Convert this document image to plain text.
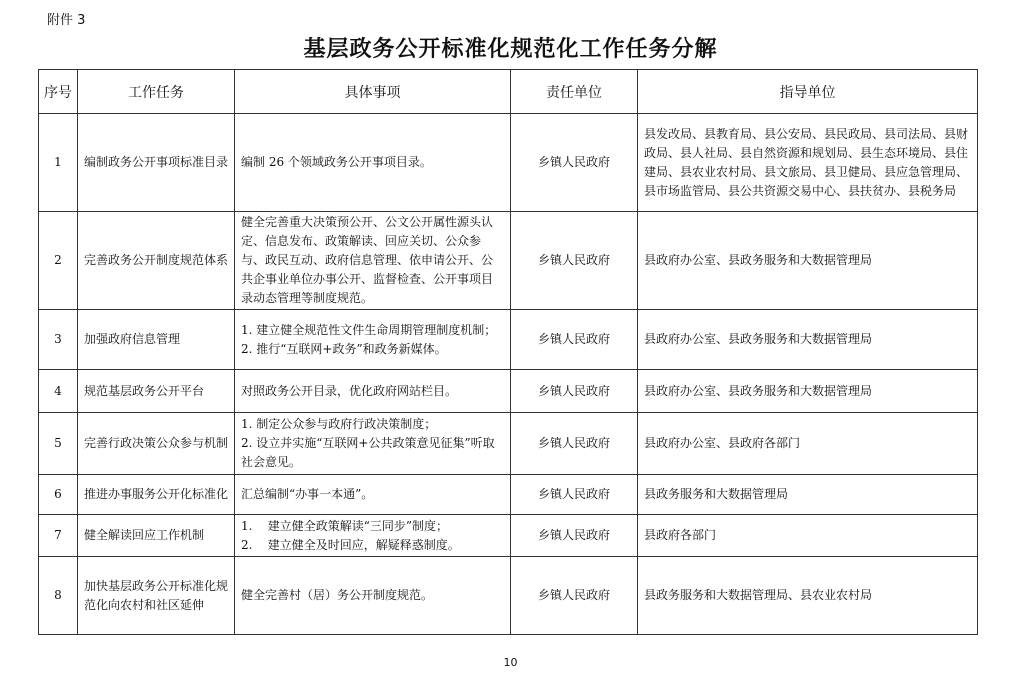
附件 3
基层政务公开标准化规范化工作任务分解
序号	工作任务	具体事项	责任单位	指导单位
1	编制政务公开事项标准目录	编制 26 个领域政务公开事项目录。	乡镇人民政府	县发改局、县教育局、县公安局、县民政局、县司法局、县财政局、县人社局、县自然资源和规划局、县生态环境局、县住建局、县农业农村局、县文旅局、县卫健局、县应急管理局、县市场监管局、县公共资源交易中心、县扶贫办、县税务局
2	完善政务公开制度规范体系	健全完善重大决策预公开、公文公开属性源头认定、信息发布、政策解读、回应关切、公众参与、政民互动、政府信息管理、依申请公开、公共企事业单位办事公开、监督检查、公开事项目录动态管理等制度规范。	乡镇人民政府	县政府办公室、县政务服务和大数据管理局
3	加强政府信息管理	1. 建立健全规范性文件生命周期管理制度机制；
2. 推行“互联网+政务”和政务新媒体。	乡镇人民政府	县政府办公室、县政务服务和大数据管理局
4	规范基层政务公开平台	对照政务公开目录，优化政府网站栏目。	乡镇人民政府	县政府办公室、县政务服务和大数据管理局
5	完善行政决策公众参与机制	1. 制定公众参与政府行政决策制度；
2. 设立并实施“互联网+公共政策意见征集”听取社会意见。	乡镇人民政府	县政府办公室、县政府各部门
6	推进办事服务公开化标准化	汇总编制“办事一本通”。	乡镇人民政府	县政务服务和大数据管理局
7	健全解读回应工作机制	1.    建立健全政策解读“三同步”制度；
2.    建立健全及时回应，解疑释惑制度。	乡镇人民政府	县政府各部门
8	加快基层政务公开标准化规范化向农村和社区延伸	健全完善村（居）务公开制度规范。	乡镇人民政府	县政务服务和大数据管理局、县农业农村局
10
